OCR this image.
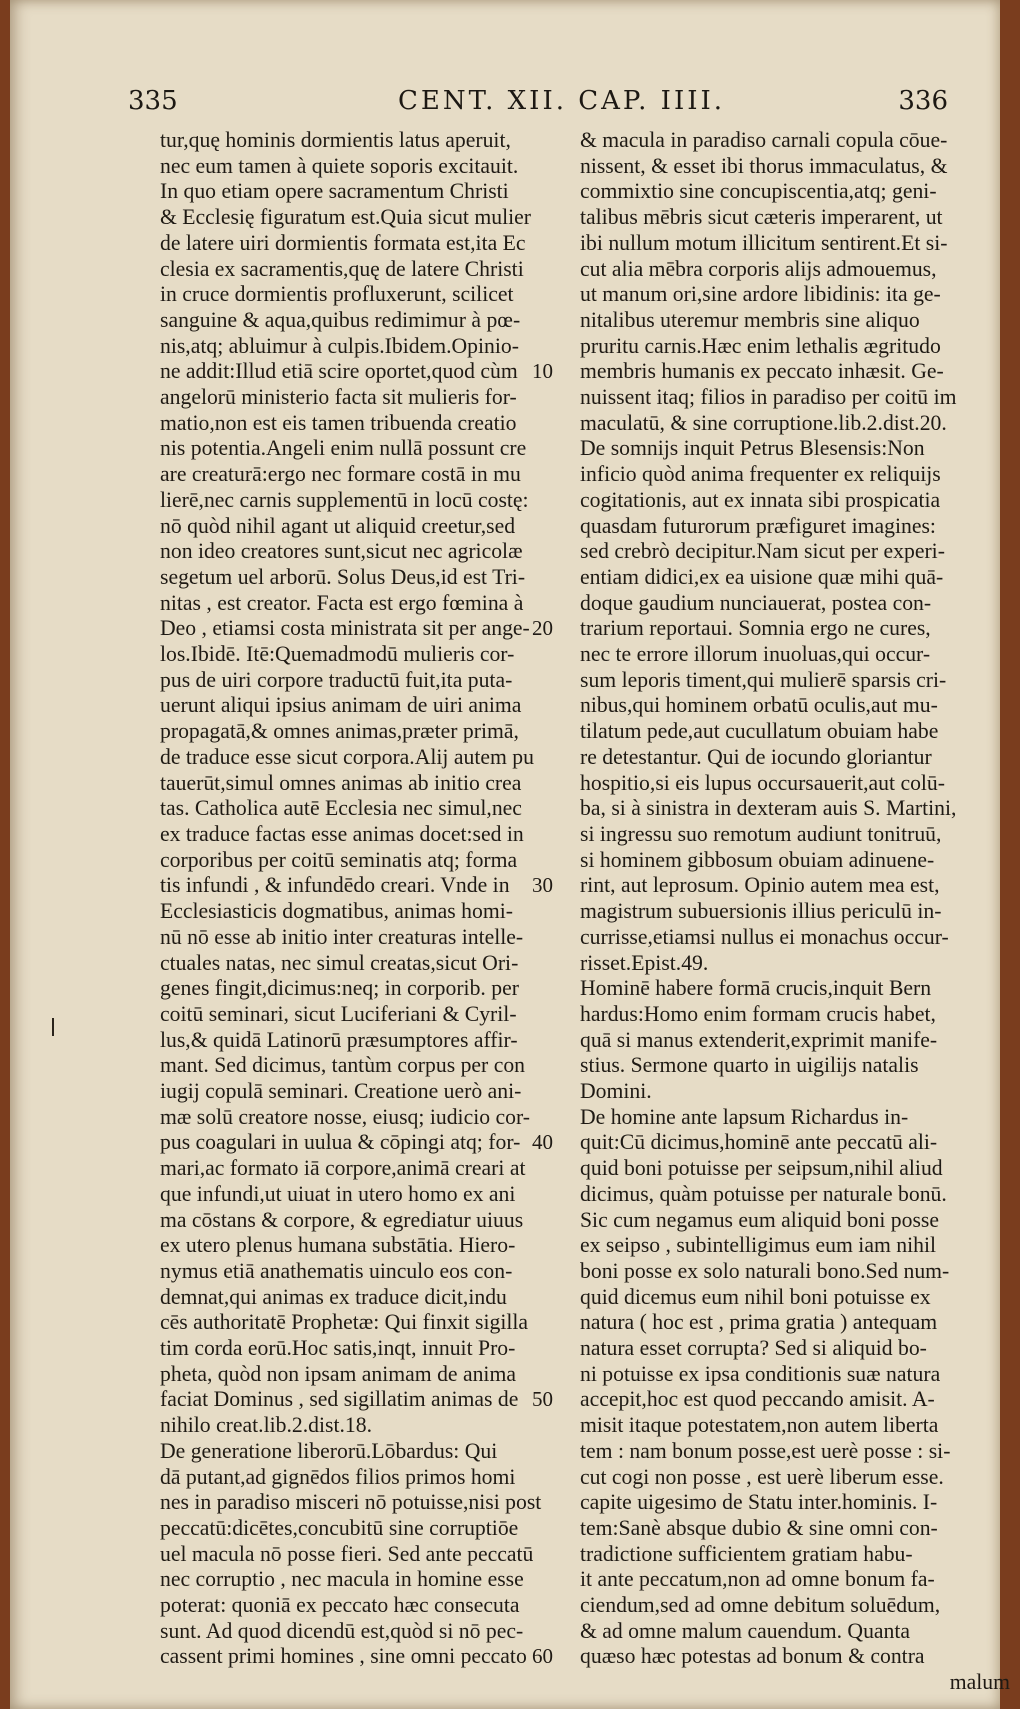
335	CENT. XII. CAP. IIII.	336
tur,quę hominis dormientis latus aperuit,
nec eum tamen à quiete soporis excitauit.
In quo etiam opere sacramentum Christi
& Ecclesię figuratum est.Quia sicut mulier
de latere uiri dormientis formata est,ita Ec
clesia ex sacramentis,quę de latere Christi
in cruce dormientis profluxerunt, scilicet
sanguine & aqua,quibus redimimur à pœ-
nis,atq; abluimur à culpis.Ibidem.Opinio-
ne addit:Illud etiā scire oportet,quod cùm
angelorū ministerio facta sit mulieris for-
matio,non est eis tamen tribuenda creatio
nis potentia.Angeli enim nullā possunt cre
are creaturā:ergo nec formare costā in mu
lierē,nec carnis supplementū in locū costę:
nō quòd nihil agant ut aliquid creetur,sed
non ideo creatores sunt,sicut nec agricolæ
segetum uel arborū. Solus Deus,id est Tri-
nitas , est creator. Facta est ergo fœmina à
Deo , etiamsi costa ministrata sit per ange-
los.Ibidē. Itē:Quemadmodū mulieris cor-
pus de uiri corpore traductū fuit,ita puta-
uerunt aliqui ipsius animam de uiri anima
propagatā,& omnes animas,præter primā,
de traduce esse sicut corpora.Alij autem pu
tauerūt,simul omnes animas ab initio crea
tas. Catholica autē Ecclesia nec simul,nec
ex traduce factas esse animas docet:sed in
corporibus per coitū seminatis atq; forma
tis infundi , & infundēdo creari. Vnde in
Ecclesiasticis dogmatibus, animas homi-
nū nō esse ab initio inter creaturas intelle-
ctuales natas, nec simul creatas,sicut Ori-
genes fingit,dicimus:neq; in corporib. per
coitū seminari, sicut Luciferiani & Cyril-
lus,& quidā Latinorū præsumptores affir-
mant. Sed dicimus, tantùm corpus per con
iugij copulā seminari. Creatione uerò ani-
mæ solū creatore nosse, eiusq; iudicio cor-
pus coagulari in uulua & cōpingi atq; for-
mari,ac formato iā corpore,animā creari at
que infundi,ut uiuat in utero homo ex ani
ma cōstans & corpore, & egrediatur uiuus
ex utero plenus humana substātia. Hiero-
nymus etiā anathematis uinculo eos con-
demnat,qui animas ex traduce dicit,indu
cēs authoritatē Prophetæ: Qui finxit sigilla
tim corda eorū.Hoc satis,inqt, innuit Pro-
pheta, quòd non ipsam animam de anima
faciat Dominus , sed sigillatim animas de
nihilo creat.lib.2.dist.18.
De generatione liberorū.Lōbardus: Qui
dā putant,ad gignēdos filios primos homi
nes in paradiso misceri nō potuisse,nisi post
peccatū:dicētes,concubitū sine corruptiōe
uel macula nō posse fieri. Sed ante peccatū
nec corruptio , nec macula in homine esse
poterat: quoniā ex peccato hæc consecuta
sunt. Ad quod dicendū est,quòd si nō pec-
cassent primi homines , sine omni peccato
& macula in paradiso carnali copula cōue-
nissent, & esset ibi thorus immaculatus, &
commixtio sine concupiscentia,atq; geni-
talibus mēbris sicut cæteris imperarent, ut
ibi nullum motum illicitum sentirent.Et si-
cut alia mēbra corporis alijs admouemus,
ut manum ori,sine ardore libidinis: ita ge-
nitalibus uteremur membris sine aliquo
pruritu carnis.Hæc enim lethalis ægritudo
membris humanis ex peccato inhæsit. Ge-
nuissent itaq; filios in paradiso per coitū im
maculatū, & sine corruptione.lib.2.dist.20.
De somnijs inquit Petrus Blesensis:Non
inficio quòd anima frequenter ex reliquijs
cogitationis, aut ex innata sibi prospicatia
quasdam futurorum præfiguret imagines:
sed crebrò decipitur.Nam sicut per experi-
entiam didici,ex ea uisione quæ mihi quā-
doque gaudium nunciauerat, postea con-
trarium reportaui. Somnia ergo ne cures,
nec te errore illorum inuoluas,qui occur-
sum leporis timent,qui mulierē sparsis cri-
nibus,qui hominem orbatū oculis,aut mu-
tilatum pede,aut cucullatum obuiam habe
re detestantur. Qui de iocundo gloriantur
hospitio,si eis lupus occursauerit,aut colū-
ba, si à sinistra in dexteram auis S. Martini,
si ingressu suo remotum audiunt tonitruū,
si hominem gibbosum obuiam adinuene-
rint, aut leprosum. Opinio autem mea est,
magistrum subuersionis illius periculū in-
currisse,etiamsi nullus ei monachus occur-
risset.Epist.49.
Hominē habere formā crucis,inquit Bern
hardus:Homo enim formam crucis habet,
quā si manus extenderit,exprimit manife-
stius. Sermone quarto in uigilijs natalis
Domini.
De homine ante lapsum Richardus in-
quit:Cū dicimus,hominē ante peccatū ali-
quid boni potuisse per seipsum,nihil aliud
dicimus, quàm potuisse per naturale bonū.
Sic cum negamus eum aliquid boni posse
ex seipso , subintelligimus eum iam nihil
boni posse ex solo naturali bono.Sed num-
quid dicemus eum nihil boni potuisse ex
natura ( hoc est , prima gratia ) antequam
natura esset corrupta? Sed si aliquid bo-
ni potuisse ex ipsa conditionis suæ natura
accepit,hoc est quod peccando amisit. A-
misit itaque potestatem,non autem liberta
tem : nam bonum posse,est uerè posse : si-
cut cogi non posse , est uerè liberum esse.
capite uigesimo de Statu inter.hominis. I-
tem:Sanè absque dubio & sine omni con-
tradictione sufficientem gratiam habu-
it ante peccatum,non ad omne bonum fa-
ciendum,sed ad omne debitum soluēdum,
& ad omne malum cauendum. Quanta
quæso hæc potestas ad bonum & contra
malum
10
20
30
40
50
60
